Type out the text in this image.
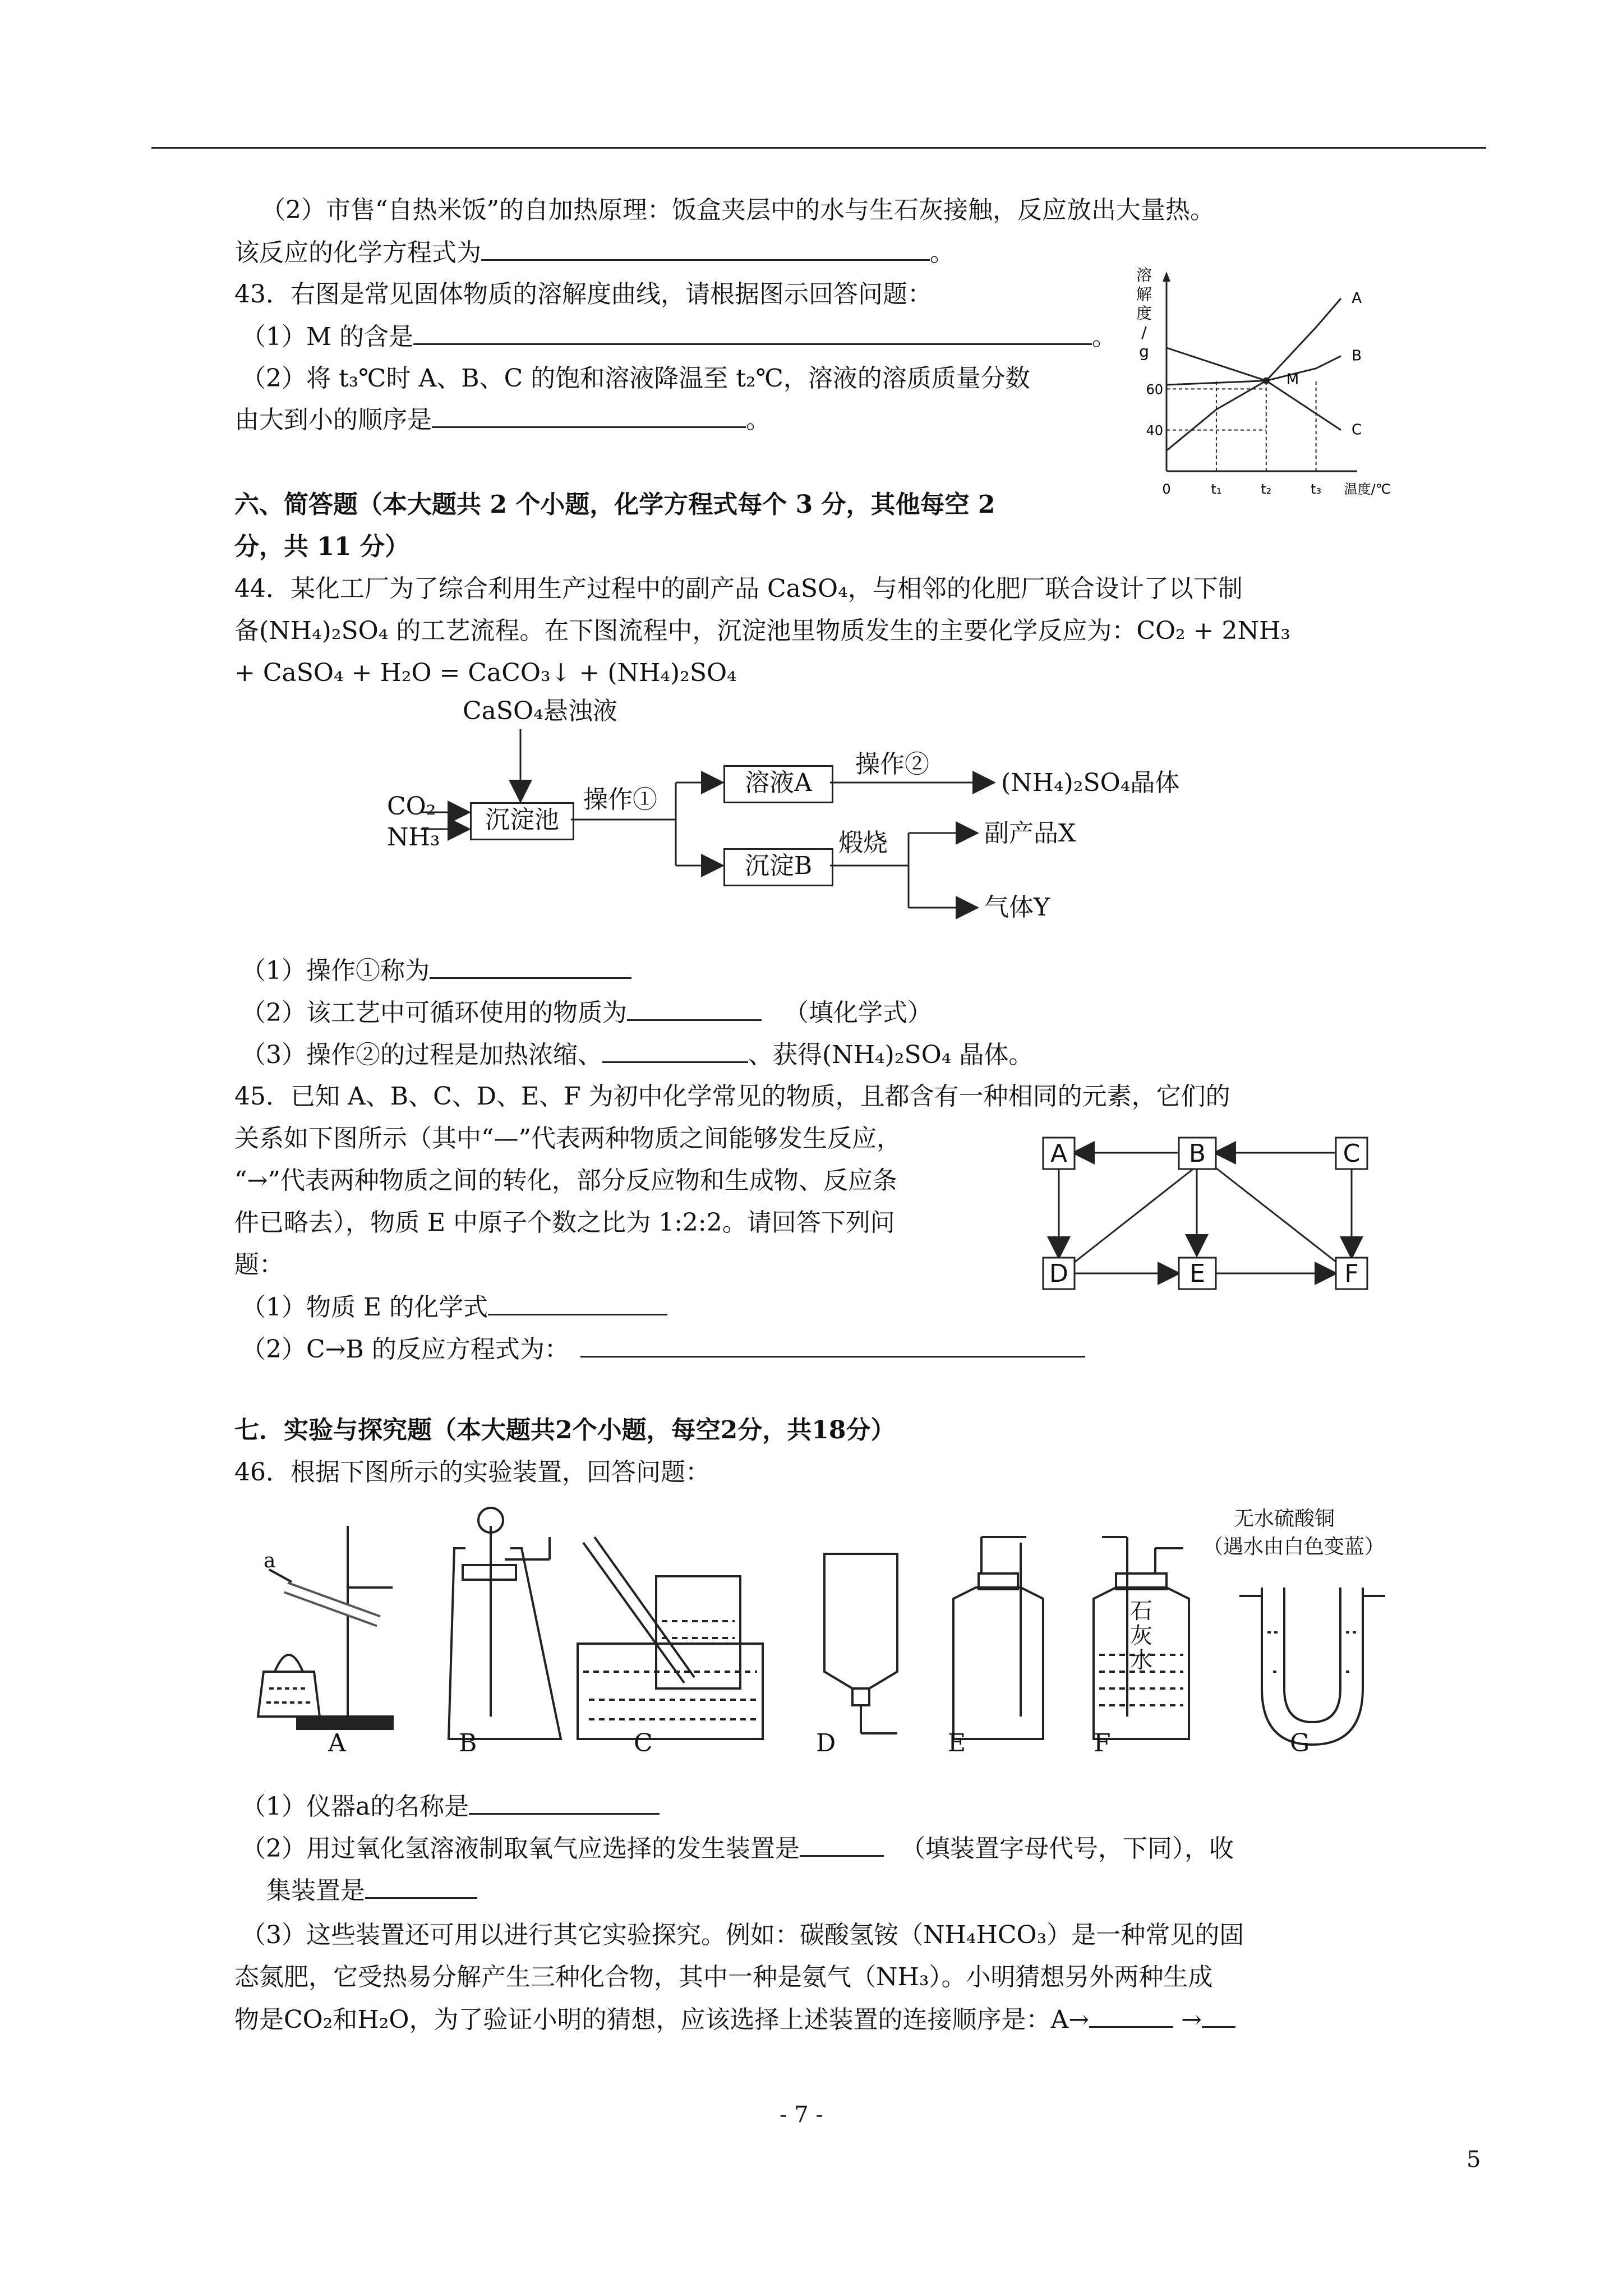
（2）市售“自热米饭”的自加热原理：饭盒夹层中的水与生石灰接触，反应放出大量热。
该反应的化学方程式为	。
43．右图是常见固体物质的溶解度曲线，请根据图示回答问题：
（1）M 的含是	。
（2）将 t₃℃时 A、B、C 的饱和溶液降温至 t₂℃，溶液的溶质质量分数
由大到小的顺序是	。
溶
解
度
/
g
40
60
0	t₁	t₂	t₃ 温度/℃
A
B
C
M
六、简答题（本大题共 2 个小题，化学方程式每个 3 分，其他每空 2
分，共 11 分）
44．某化工厂为了综合利用生产过程中的副产品 CaSO₄，与相邻的化肥厂联合设计了以下制
备(NH₄)₂SO₄ 的工艺流程。在下图流程中，沉淀池里物质发生的主要化学反应为：CO₂ + 2NH₃
+ CaSO₄ + H₂O = CaCO₃↓ + (NH₄)₂SO₄
CaSO₄悬浊液
CO₂
NH₃
沉淀池
操作①
溶液A
操作②
(NH₄)₂SO₄晶体
沉淀B
煅烧	副产品X
气体Y
（1）操作①称为
（2）该工艺中可循环使用的物质为	（填化学式）
（3）操作②的过程是加热浓缩、	、获得(NH₄)₂SO₄ 晶体。
45．已知 A、B、C、D、E、F 为初中化学常见的物质，且都含有一种相同的元素，它们的
关系如下图所示（其中“—”代表两种物质之间能够发生反应，
“→”代表两种物质之间的转化，部分反应物和生成物、反应条
件已略去），物质 E 中原子个数之比为 1:2:2。请回答下列问
题：
A	B	C
D	E	F
（1）物质 E 的化学式
（2）C→B 的反应方程式为：
七．实验与探究题（本大题共2个小题，每空2分，共18分）
46．根据下图所示的实验装置，回答问题：
a
石灰水
无水硫酸铜
（遇水由白色变蓝）
A	B	C	D	E	F	G
（1）仪器a的名称是
（2）用过氧化氢溶液制取氧气应选择的发生装置是	（填装置字母代号，下同），收
集装置是
（3）这些装置还可用以进行其它实验探究。例如：碳酸氢铵（NH₄HCO₃）是一种常见的固
态氮肥，它受热易分解产生三种化合物，其中一种是氨气（NH₃）。小明猜想另外两种生成
物是CO₂和H₂O，为了验证小明的猜想，应该选择上述装置的连接顺序是：A→	→
- 7 -
5
